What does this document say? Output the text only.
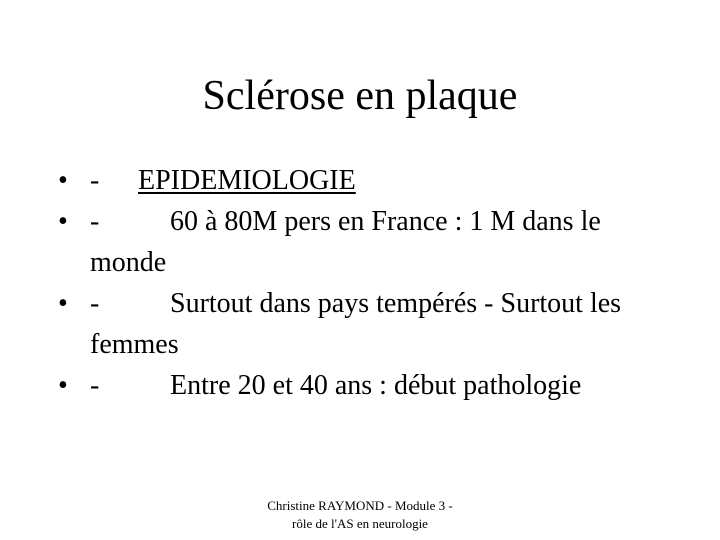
Sclérose en plaque
• - EPIDEMIOLOGIE
• -	60 à 80M pers en France : 1 M dans le monde
• -	Surtout dans pays tempérés - Surtout les femmes
• -	Entre 20 et 40 ans : début pathologie
Christine RAYMOND - Module 3 -
rôle de l'AS en neurologie
